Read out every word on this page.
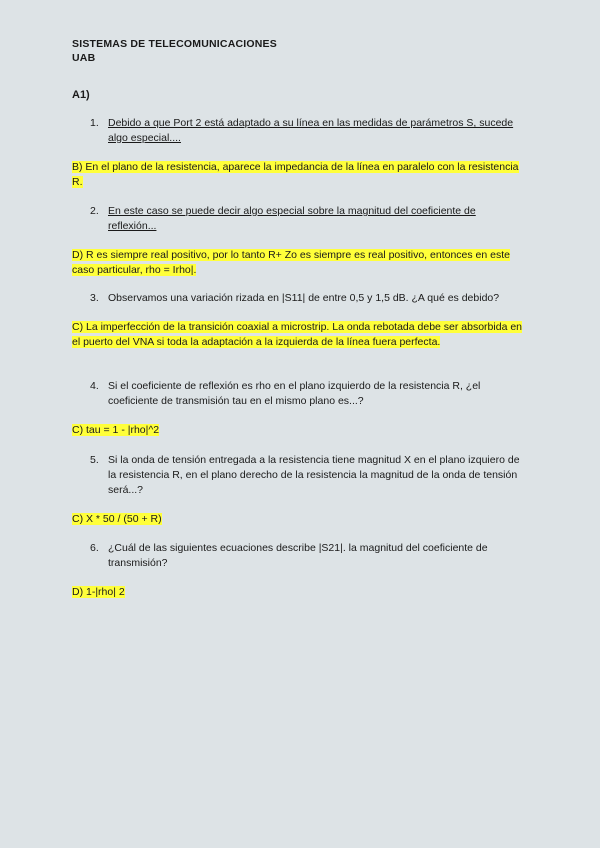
SISTEMAS DE TELECOMUNICACIONES
UAB
A1)
1. Debido a que Port 2 está adaptado a su línea en las medidas de parámetros S, sucede algo especial....
B) En el plano de la resistencia, aparece la impedancia de la línea en paralelo con la resistencia R.
2. En este caso se puede decir algo especial sobre la magnitud del coeficiente de reflexión...
D) R es siempre real positivo, por lo tanto R+ Zo es siempre es real positivo, entonces en este caso particular, rho = Irho|.
3. Observamos una variación rizada en |S11| de entre 0,5 y 1,5 dB. ¿A qué es debido?
C) La imperfección de la transición coaxial a microstrip. La onda rebotada debe ser absorbida en el puerto del VNA si toda la adaptación a la izquierda de la línea fuera perfecta.
4. Si el coeficiente de reflexión es rho en el plano izquierdo de la resistencia R, ¿el coeficiente de transmisión tau en el mismo plano es...?
C) tau = 1 - |rho|^2
5. Si la onda de tensión entregada a la resistencia tiene magnitud X en el plano izquiero de la resistencia R, en el plano derecho de la resistencia la magnitud de la onda de tensión será...?
C) X * 50 / (50 + R)
6. ¿Cuál de las siguientes ecuaciones describe |S21|. la magnitud del coeficiente de transmisión?
D) 1-|rho| 2
